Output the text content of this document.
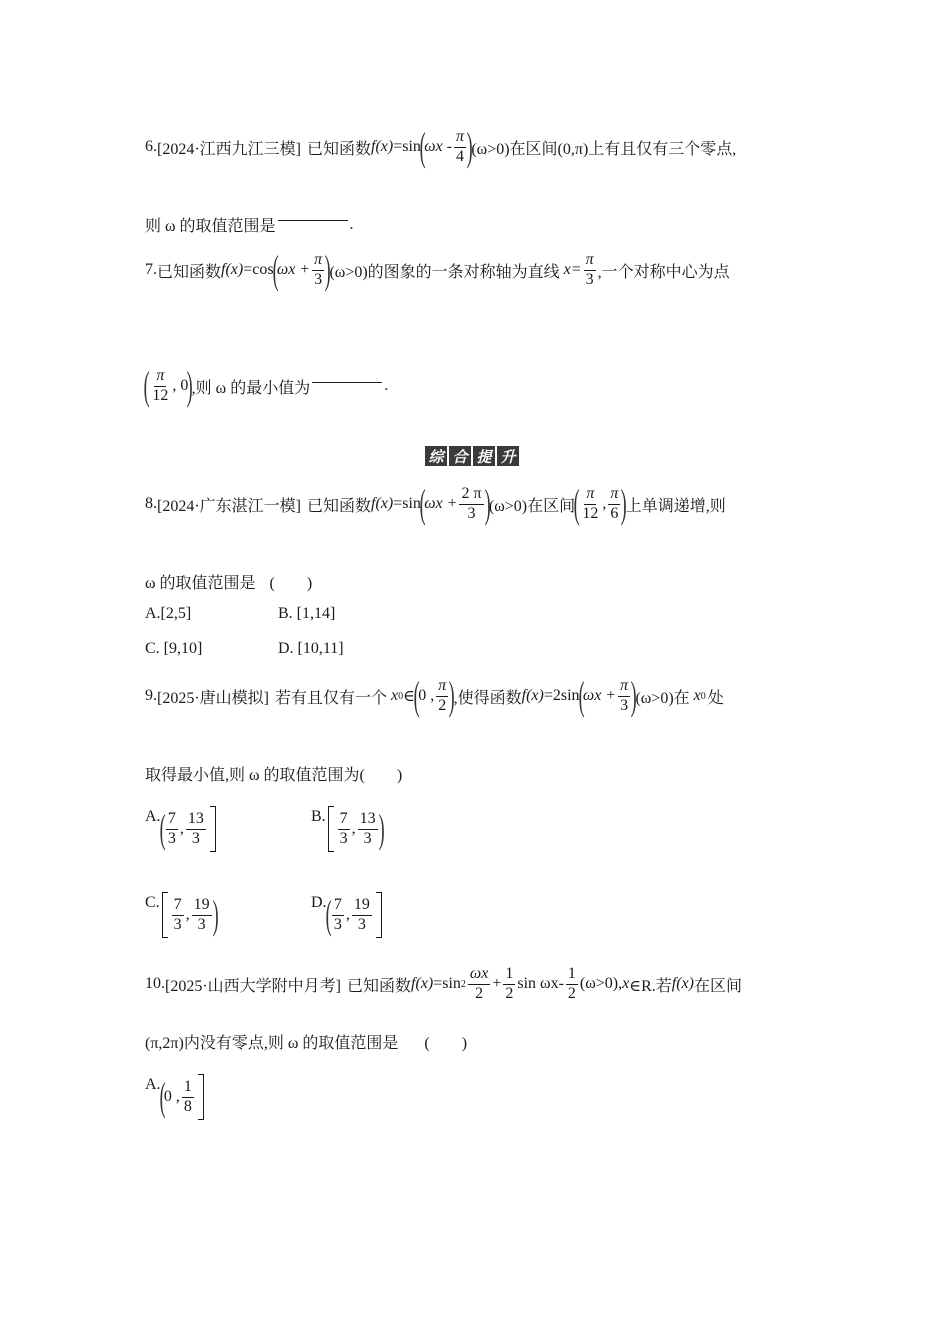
6. [2024·江西九江三模] 已知函数 f(x) =sin
(
ωx - $\frac{\pi}{4}$ )
(ω>0)在区间(0,π)上有且仅有三个零点,
则 ω 的取值范围是	.
7. 已知函数 f(x) =cos
(
$\omega x + \frac{\pi}{3}$ )
(ω>0)的图象的一条对称轴为直线 $x= \frac{\pi}{3}$ ,一个对称中心为点
( $\frac{\pi}{12}$ , 0
)
,则 ω 的最小值为	.
综 合 提 升
8. [2024·广东湛江一模] 已知函数 f(x) =sin
(
$\omega x + \frac{2 \pi}{3}$ )
(ω>0)在区间
( $\frac{\pi}{12}$ , $\frac{\pi}{6}$ )
上单调递增,则
ω 的取值范围是 (　　)
A.[2,5]	B. [1,14]
C. [9,10]	D. [10,11]
9. [2025·唐山模拟] 若有且仅有一个 x 0 ∈
(
0 , $\frac{\pi}{2}$ )
,使得函数 f(x) =2sin
(
$\omega x + \frac{\pi}{3}$ )
(ω>0)在 x 0 处
取得最小值,则 ω 的取值范围为(　　)
A.
( $\frac{7}{3}$ , $\frac{13}{3}$	B. $\frac{7}{3}$ , $\frac{13}{3}$ )
C. $\frac{7}{3}$ , $\frac{19}{3}$ )	D.
( $\frac{7}{3}$ , $\frac{19}{3}$
10. [2025·山西大学附中月考] 已知函数 f(x) =sin $2 \frac{\omega x}{2} + \frac{1}{2}$ $\sin \omega x- \frac{1}{2} (\omega>0)$, x ∈R.若 f(x) 在区间
(π,2π)内没有零点,则 ω 的取值范围是 (　　)
A.
(
0 , $\frac{1}{8}$
